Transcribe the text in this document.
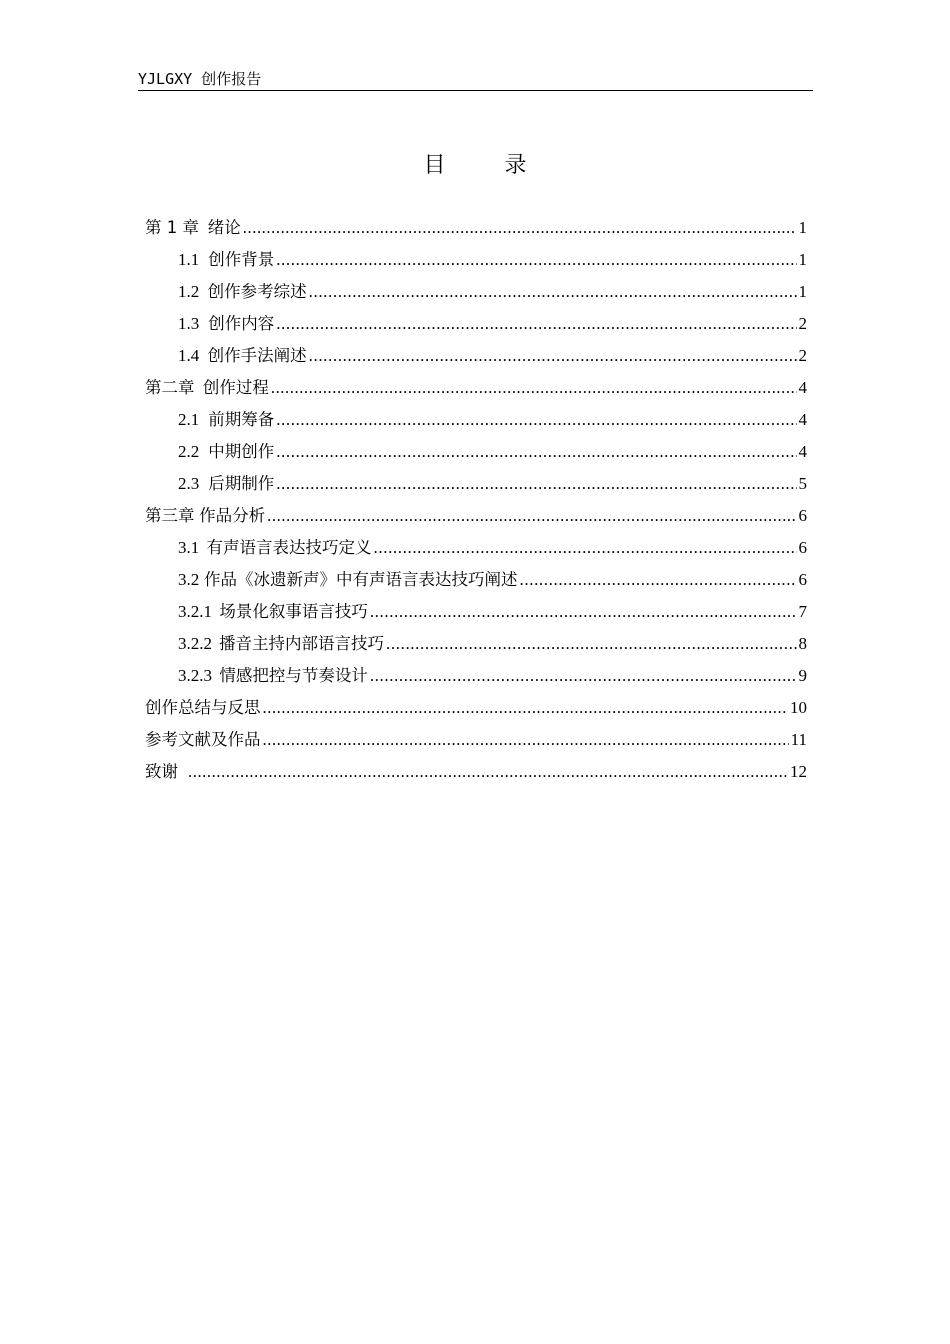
YJLGXY 创作报告
目 录
第 1 章 绪论 .....	1
1.1 创作背景 .....	1
1.2 创作参考综述 .....	1
1.3 创作内容 .....	2
1.4 创作手法阐述 .....	2
第二章 创作过程 .....	4
2.1 前期筹备 .....	4
2.2 中期创作 .....	4
2.3 后期制作 .....	5
第三章 作品分析 .....	6
3.1 有声语言表达技巧定义 .....	6
3.2 作品《冰遗新声》中有声语言表达技巧阐述 .....	6
3.2.1 场景化叙事语言技巧 .....	7
3.2.2 播音主持内部语言技巧 .....	8
3.2.3 情感把控与节奏设计 .....	9
创作总结与反思 .....	10
参考文献及作品 .....	11
致谢 .....	12
